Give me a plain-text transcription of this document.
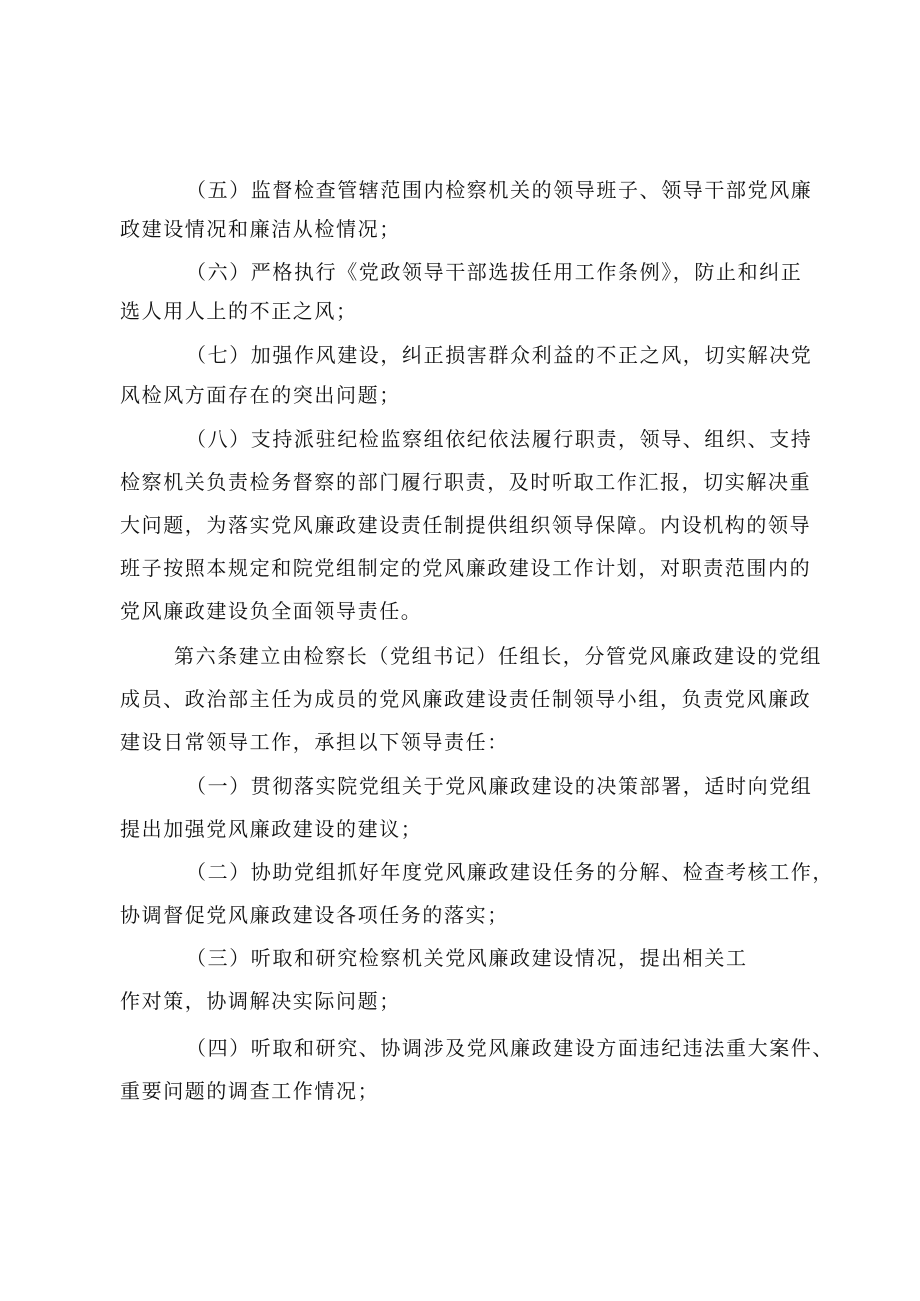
（五）监督检查管辖范围内检察机关的领导班子、领导干部党风廉
政建设情况和廉洁从检情况；
（六）严格执行《党政领导干部选拔任用工作条例》，防止和纠正
选人用人上的不正之风；
（七）加强作风建设，纠正损害群众利益的不正之风，切实解决党
风检风方面存在的突出问题；
（八）支持派驻纪检监察组依纪依法履行职责，领导、组织、支持
检察机关负责检务督察的部门履行职责，及时听取工作汇报，切实解决重
大问题，为落实党风廉政建设责任制提供组织领导保障。内设机构的领导
班子按照本规定和院党组制定的党风廉政建设工作计划，对职责范围内的
党风廉政建设负全面领导责任。
第六条建立由检察长（党组书记）任组长，分管党风廉政建设的党组
成员、政治部主任为成员的党风廉政建设责任制领导小组，负责党风廉政
建设日常领导工作，承担以下领导责任：
（一）贯彻落实院党组关于党风廉政建设的决策部署，适时向党组
提出加强党风廉政建设的建议；
（二）协助党组抓好年度党风廉政建设任务的分解、检查考核工作，
协调督促党风廉政建设各项任务的落实；
（三）听取和研究检察机关党风廉政建设情况，提出相关工
作对策，协调解决实际问题；
（四）听取和研究、协调涉及党风廉政建设方面违纪违法重大案件、
重要问题的调查工作情况；
